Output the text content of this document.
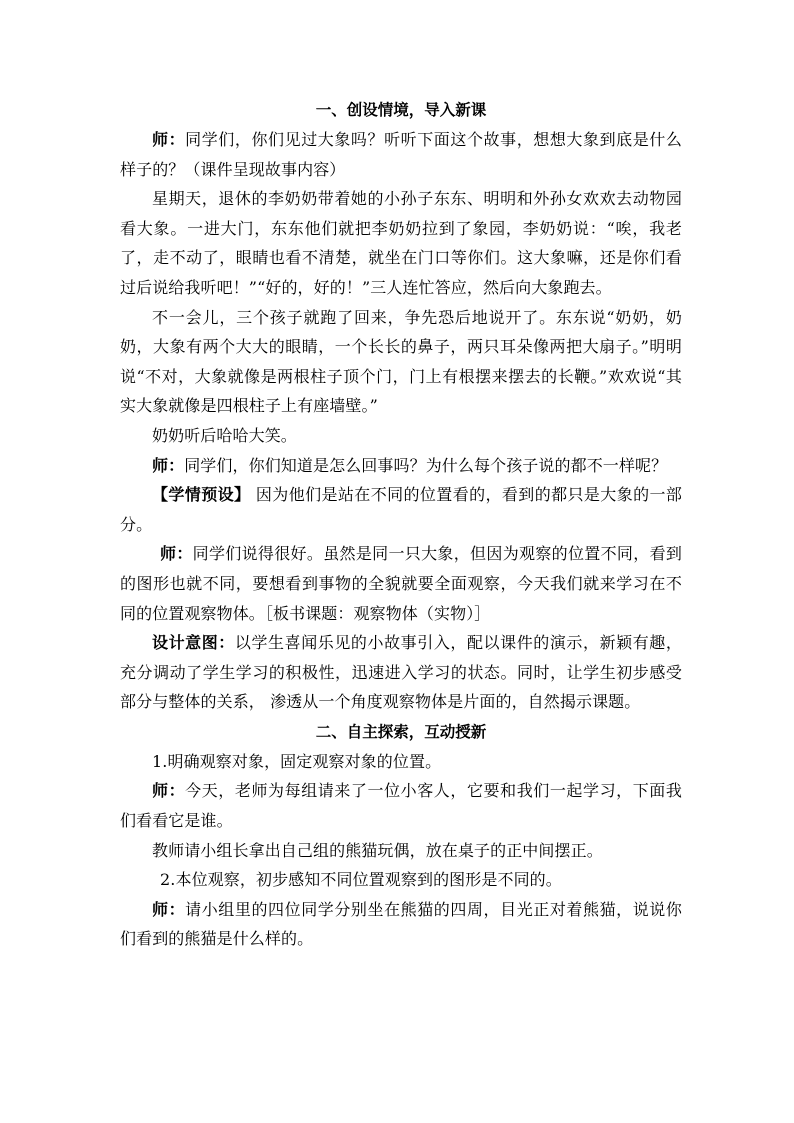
一、创设情境，导入新课

师：同学们，你们见过大象吗？听听下面这个故事，想想大象到底是什么样子的？（课件呈现故事内容）

星期天，退休的李奶奶带着她的小孙子东东、明明和外孙女欢欢去动物园看大象。一进大门，东东他们就把李奶奶拉到了象园，李奶奶说：“唉，我老了，走不动了，眼睛也看不清楚，就坐在门口等你们。这大象嘛，还是你们看过后说给我听吧！”“好的，好的！”三人连忙答应，然后向大象跑去。

不一会儿，三个孩子就跑了回来，争先恐后地说开了。东东说“奶奶，奶奶，大象有两个大大的眼睛，一个长长的鼻子，两只耳朵像两把大扇子。”明明说“不对，大象就像是两根柱子顶个门，门上有根摆来摆去的长鞭。”欢欢说“其实大象就像是四根柱子上有座墙壁。”

奶奶听后哈哈大笑。

师：同学们，你们知道是怎么回事吗？为什么每个孩子说的都不一样呢？

【学情预设】 因为他们是站在不同的位置看的，看到的都只是大象的一部分。

师：同学们说得很好。虽然是同一只大象，但因为观察的位置不同，看到的图形也就不同，要想看到事物的全貌就要全面观察，今天我们就来学习在不同的位置观察物体。［板书课题：观察物体（实物）］

设计意图：以学生喜闻乐见的小故事引入，配以课件的演示，新颖有趣，充分调动了学生学习的积极性，迅速进入学习的状态。同时，让学生初步感受部分与整体的关系， 渗透从一个角度观察物体是片面的，自然揭示课题。

二、自主探索，互动授新

1.明确观察对象，固定观察对象的位置。

师：今天，老师为每组请来了一位小客人，它要和我们一起学习，下面我们看看它是谁。

教师请小组长拿出自己组的熊猫玩偶，放在桌子的正中间摆正。

2.本位观察，初步感知不同位置观察到的图形是不同的。

师：请小组里的四位同学分别坐在熊猫的四周，目光正对着熊猫，说说你们看到的熊猫是什么样的。
